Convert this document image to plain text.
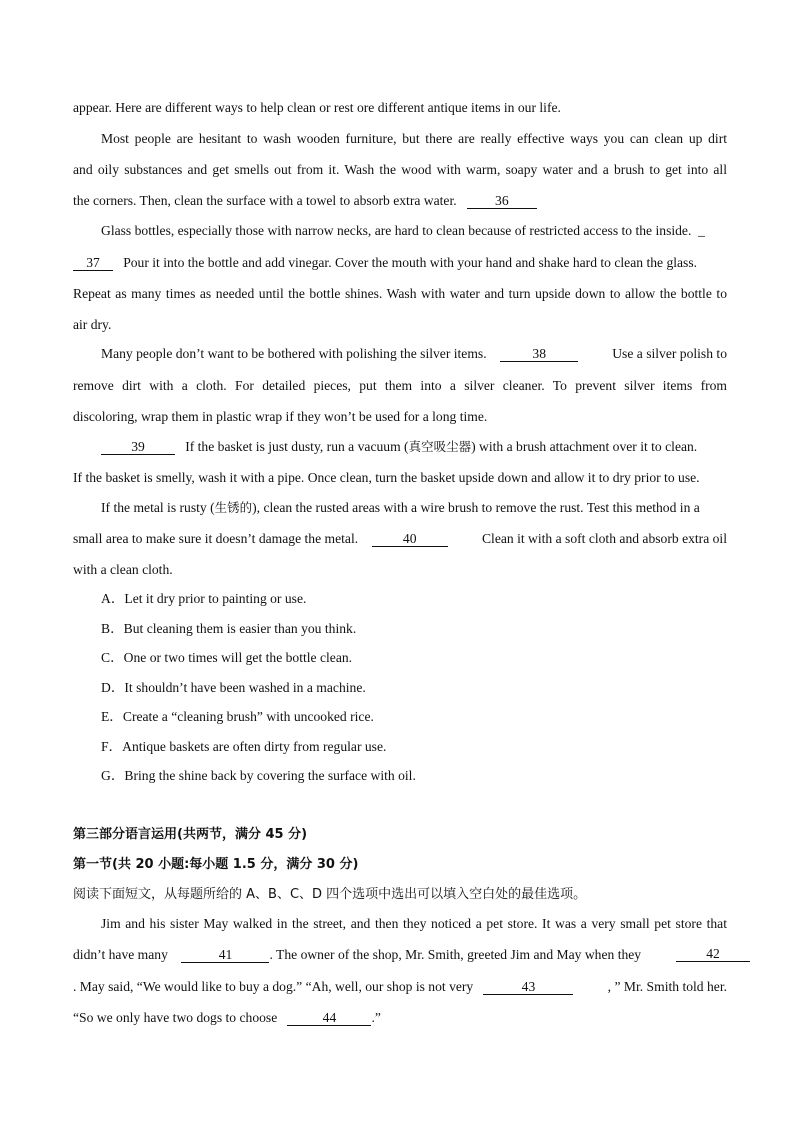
appear. Here are different ways to help clean or rest ore different antique items in our life.
Most people are hesitant to wash wooden furniture, but there are really effective ways you can clean up dirt
and oily substances and get smells out from it. Wash the wood with warm, soapy water and a brush to get into all
the corners. Then, clean the surface with a towel to absorb extra water.	36
Glass bottles, especially those with narrow necks, are hard to clean because of restricted access to the inside. _
37 Pour it into the bottle and add vinegar. Cover the mouth with your hand and shake hard to clean the glass.
Repeat as many times as needed until the bottle shines. Wash with water and turn upside down to allow the bottle to
air dry.
Many people don’t want to be bothered with polishing the silver items.	38	Use a silver polish to
remove dirt with a cloth. For detailed pieces, put them into a silver cleaner. To prevent silver items from
discoloring, wrap them in plastic wrap if they won’t be used for a long time.
39	If the basket is just dusty, run a vacuum (真空吸尘器) with a brush attachment over it to clean.
If the basket is smelly, wash it with a pipe. Once clean, turn the basket upside down and allow it to dry prior to use.
If the metal is rusty (生锈的), clean the rusted areas with a wire brush to remove the rust. Test this method in a
small area to make sure it doesn’t damage the metal.	40	Clean it with a soft cloth and absorb extra oil
with a clean cloth.
A．Let it dry prior to painting or use.
B．But cleaning them is easier than you think.
C．One or two times will get the bottle clean.
D．It shouldn’t have been washed in a machine.
E．Create a “cleaning brush” with uncooked rice.
F．Antique baskets are often dirty from regular use.
G．Bring the shine back by covering the surface with oil.
第三部分语言运用(共两节，满分 45 分)
第一节(共 20 小题:每小题 1.5 分，满分 30 分)
阅读下面短文，从每题所给的 A、B、C、D 四个选项中选出可以填入空白处的最佳选项。
Jim and his sister May walked in the street, and then they noticed a pet store. It was a very small pet store that
didn’t have many	41	. The owner of the shop, Mr. Smith, greeted Jim and May when they	42
. May said, “We would like to buy a dog.” “Ah, well, our shop is not very	43	, ” Mr. Smith told her.
“So we only have two dogs to choose	44	.”
